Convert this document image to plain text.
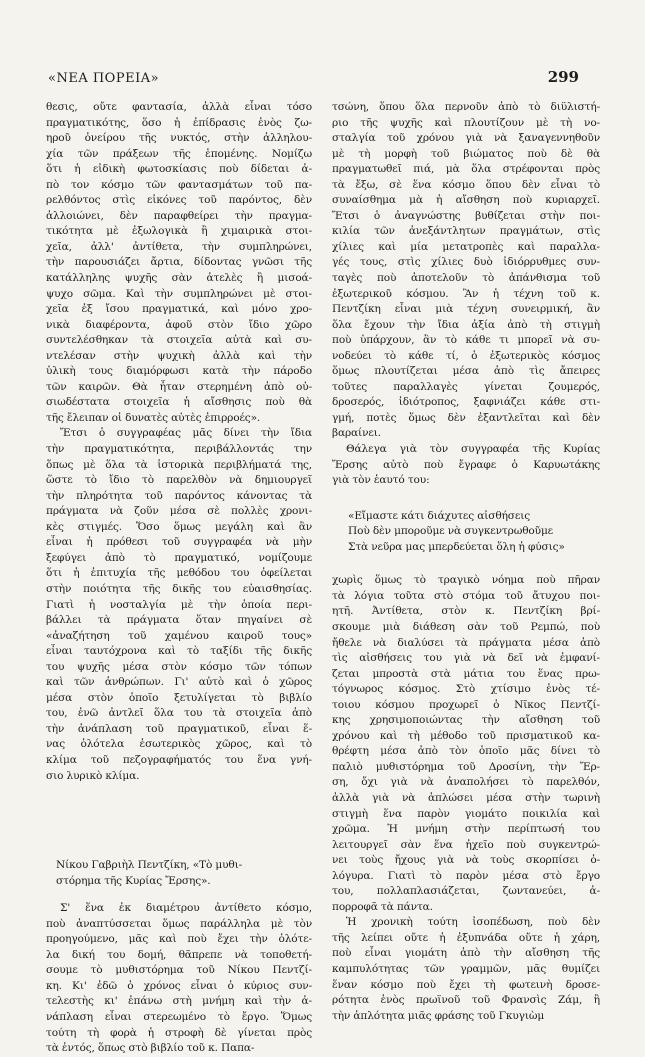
«ΝΕΑ ΠΟΡΕΙΑ»	299
θεσις, οὔτε φαντασία, ἀλλὰ εἶναι τόσο
πραγματικότης, ὅσο ἡ ἐπίδρασις ἑνὸς ζω-
ηροῦ ὀνείρου τῆς νυκτός, στὴν ἀλληλου-
χία τῶν πράξεων τῆς ἑπομένης. Νομίζω
ὅτι ἡ εἰδικὴ φωτοσκίασις ποὺ δίδεται ἀ-
πὸ τον κόσμο τῶν φαντασμάτων τοῦ πα-
ρελθόντος στὶς εἰκόνες τοῦ παρόντος, δὲν
ἀλλοιώνει, δὲν παραφθείρει τὴν πραγμα-
τικότητα μὲ ἐξωλογικὰ ἢ χιμαιρικὰ στοι-
χεῖα, ἀλλ' ἀντίθετα, τὴν συμπληρώνει,
τὴν παρουσιάζει ἄρτια, δίδοντας γνῶσι τῆς
κατάλληλης ψυχῆς σὰν ἀτελὲς ἢ μισοά-
ψυχο σῶμα. Καὶ τὴν συμπληρώνει μὲ στοι-
χεῖα ἐξ ἴσου πραγματικά, καὶ μόνο χρο-
νικὰ διαφέροντα, ἀφοῦ στὸν ἴδιο χῶρο
συντελέσθηκαν τὰ στοιχεῖα αὐτὰ καὶ συ-
ντελέσαν στὴν ψυχικὴ ἀλλὰ καὶ τὴν
ὑλικὴ τους διαμόρφωσι κατὰ τὴν πάροδο
τῶν καιρῶν. Θὰ ἦταν στερημένη ἀπὸ οὐ-
σιωδέστατα στοιχεῖα ἡ αἴσθησις ποὺ θὰ
τῆς ἔλειπαν οἱ δυνατὲς αὐτὲς ἐπιρροές».
Ἔτσι ὁ συγγραφέας μᾶς δίνει τὴν ἴδια
τὴν πραγματικότητα, περιβάλλοντάς την
ὅπως μὲ ὅλα τὰ ἱστορικὰ περιβλήματά της,
ὥστε τὸ ἴδιο τὸ παρελθὸν νὰ δημιουργεῖ
τὴν πληρότητα τοῦ παρόντος κάνοντας τὰ
πράγματα νὰ ζοῦν μέσα σὲ πολλὲς χρονι-
κὲς στιγμές. Ὅσο ὅμως μεγάλη καὶ ἂν
εἶναι ἡ πρόθεσι τοῦ συγγραφέα νὰ μὴν
ξεφύγει ἀπὸ τὸ πραγματικό, νομίζουμε
ὅτι ἡ ἐπιτυχία τῆς μεθόδου του ὀφείλεται
στὴν ποιότητα τῆς δικῆς του εὐαισθησίας.
Γιατὶ ἡ νοσταλγία μὲ τὴν ὁποία περι-
βάλλει τὰ πράγματα ὅταν πηγαίνει σὲ
«ἀναζήτηση τοῦ χαμένου καιροῦ τους»
εἶναι ταυτόχρονα καὶ τὸ ταξίδι τῆς δικῆς
του ψυχῆς μέσα στὸν κόσμο τῶν τόπων
καὶ τῶν ἀνθρώπων. Γι' αὐτὸ καὶ ὁ χῶρος
μέσα στὸν ὁποῖο ξετυλίγεται τὸ βιβλίο
του, ἐνῶ ἀντλεῖ ὅλα του τὰ στοιχεῖα ἀπὸ
τὴν ἀνάπλαση τοῦ πραγματικοῦ, εἶναι ἕ-
νας ὁλότελα ἐσωτερικὸς χῶρος, καὶ τὸ
κλίμα τοῦ πεζογραφήματός του ἕνα γνή-
σιο λυρικὸ κλίμα.
Νίκου Γαβριὴλ Πεντζίκη, «Τὸ μυθι-
στόρημα τῆς Κυρίας Ἔρσης».
Σ' ἕνα ἐκ διαμέτρου ἀντίθετο κόσμο,
ποὺ ἀναπτύσσεται ὅμως παράλληλα μὲ τὸν
προηγούμενο, μᾶς καὶ ποὺ ἔχει τὴν ὁλότε-
λα δική του δομή, θᾶπρεπε νὰ τοποθετή-
σουμε τὸ μυθιστόρημα τοῦ Νίκου Πεντζί-
κη. Κι' ἐδῶ ὁ χρόνος εἶναι ὁ κύριος συν-
τελεστὴς κι' ἐπάνω στὴ μνήμη καὶ τὴν ἀ-
νάπλαση εἶναι στερεωμένο τὸ ἔργο. Ὅμως
τούτη τὴ φορὰ ἡ στροφὴ δὲ γίνεται πρὸς
τὰ ἐντός, ὅπως στὸ βιβλίο τοῦ κ. Παπα-
τσώνη, ὅπου ὅλα περνοῦν ἀπὸ τὸ διϋλιστή-
ριο τῆς ψυχῆς καὶ πλουτίζουν μὲ τὴ νο-
σταλγία τοῦ χρόνου γιὰ νὰ ξαναγεννηθοῦν
μὲ τὴ μορφὴ τοῦ βιώματος ποὺ δὲ θὰ
πραγματωθεῖ πιά, μὰ ὅλα στρέφονται πρὸς
τὰ ἔξω, σὲ ἕνα κόσμο ὅπου δὲν εἶναι τὸ
συναίσθημα μὰ ἡ αἴσθηση ποὺ κυριαρχεῖ.
Ἔτσι ὁ ἀναγνώστης βυθίζεται στὴν ποι-
κιλία τῶν ἀνεξάντλητων πραγμάτων, στὶς
χίλιες καὶ μία μετατροπὲς καὶ παραλλα-
γές τους, στὶς χίλιες δυὸ ἰδιόρρυθμες συν-
ταγὲς ποὺ ἀποτελοῦν τὸ ἀπάνθισμα τοῦ
ἐξωτερικοῦ κόσμου. Ἂν ἡ τέχνη τοῦ κ.
Πεντζίκη εἶναι μιὰ τέχνη συνειρμική, ἂν
ὅλα ἔχουν τὴν ἴδια ἀξία ἀπὸ τὴ στιγμὴ
ποὺ ὑπάρχουν, ἂν τὸ κάθε τι μπορεῖ νὰ συ-
νοδεύει τὸ κάθε τί, ὁ ἐξωτερικὸς κόσμος
ὅμως πλουτίζεται μέσα ἀπὸ τὶς ἄπειρες
τοῦτες παραλλαγὲς γίνεται ζουμερός,
δροσερός, ἰδιότροπος, ξαφνιάζει κάθε στι-
γμή, ποτὲς ὅμως δὲν ἐξαντλεῖται καὶ δὲν
βαραίνει.
Θάλεγα γιὰ τὸν συγγραφέα τῆς Κυρίας
Ἔρσης αὐτὸ ποὺ ἔγραφε ὁ Καρυωτάκης
γιὰ τὸν ἑαυτό του:
«Εἴμαστε κάτι διάχυτες αἰσθήσεις
Ποὺ δὲν μποροῦμε νὰ συγκεντρωθοῦμε
Στὰ νεῦρα μας μπερδεύεται ὅλη ἡ φύσις»
χωρὶς ὅμως τὸ τραγικὸ νόημα ποὺ πῆραν
τὰ λόγια τοῦτα στὸ στόμα τοῦ ἄτυχου ποι-
ητῆ. Ἀντίθετα, στὸν κ. Πεντζίκη βρί-
σκουμε μιὰ διάθεση σὰν τοῦ Ρεμπώ, ποὺ
ἤθελε νὰ διαλύσει τὰ πράγματα μέσα ἀπὸ
τὶς αἰσθήσεις του γιὰ νὰ δεῖ νὰ ἐμφανί-
ζεται μπροστὰ στὰ μάτια του ἕνας πρω-
τόγνωρος κόσμος. Στὸ χτίσιμο ἑνὸς τέ-
τοιου κόσμου προχωρεῖ ὁ Νῖκος Πεντζί-
κης χρησιμοποιώντας τὴν αἴσθηση τοῦ
χρόνου καὶ τὴ μέθοδο τοῦ πρισματικοῦ κα-
θρέφτη μέσα ἀπὸ τὸν ὁποῖο μᾶς δίνει τὸ
παλιὸ μυθιστόρημα τοῦ Δροσίνη, τὴν Ἔρ-
ση, ὄχι γιὰ νὰ ἀναπολήσει τὸ παρελθόν,
ἀλλὰ γιὰ νὰ ἁπλώσει μέσα στὴν τωρινὴ
στιγμὴ ἕνα παρὸν γιομάτο ποικιλία καὶ
χρῶμα. Ἡ μνήμη στὴν περίπτωσή του
λειτουργεῖ σὰν ἕνα ἠχεῖο ποὺ συγκεντρώ-
νει τοὺς ἤχους γιὰ νὰ τοὺς σκορπίσει ὁ-
λόγυρα. Γιατὶ τὸ παρὸν μέσα στὸ ἔργο
του, πολλαπλασιάζεται, ζωντανεύει, ἀ-
πορροφᾶ τὰ πάντα.
Ἡ χρονικὴ τούτη ἰσοπέδωση, ποὺ δὲν
τῆς λείπει οὔτε ἡ ἐξυπνάδα οὔτε ἡ χάρη,
ποὺ εἶναι γιομάτη ἀπὸ τὴν αἴσθηση τῆς
καμπυλότητας τῶν γραμμῶν, μᾶς θυμίζει
ἕναν κόσμο ποὺ ἔχει τὴ φωτεινὴ δροσε-
ρότητα ἑνὸς πρωϊνοῦ τοῦ Φρανσὶς Ζάμ, ἢ
τὴν ἁπλότητα μιᾶς φράσης τοῦ Γκυγιὼμ
